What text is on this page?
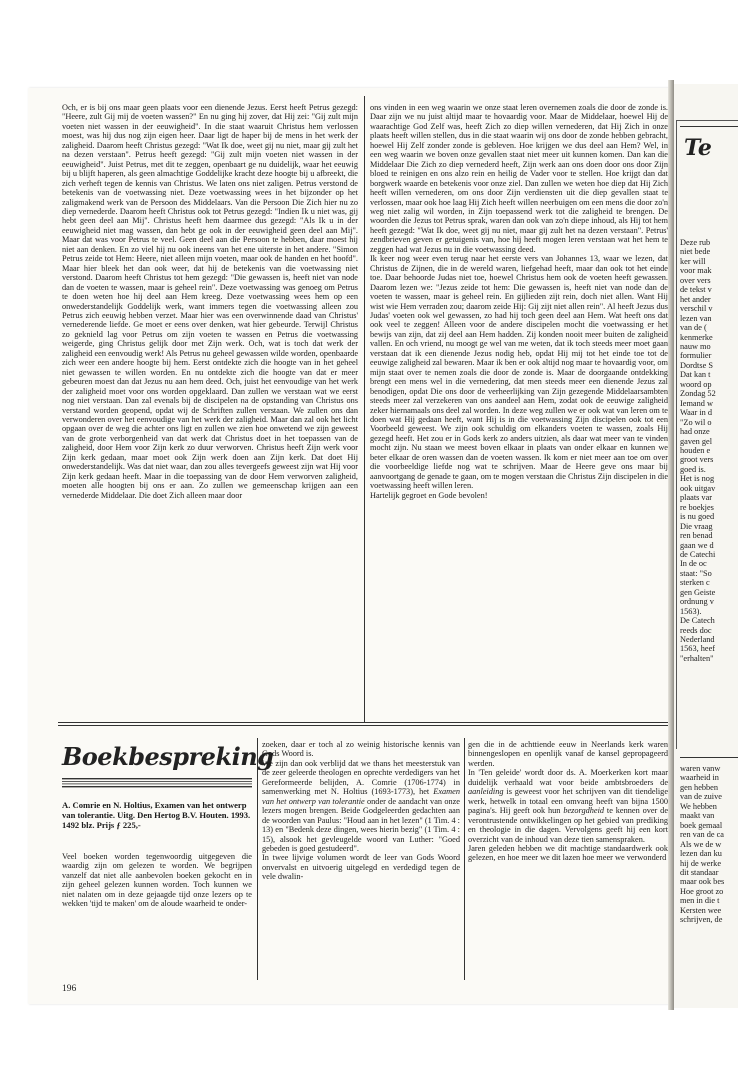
Och, er is bij ons maar geen plaats voor een dienende Jezus. Eerst heeft Petrus gezegd: "Heere, zult Gij mij de voeten wassen?" En nu ging hij zover, dat Hij zei: "Gij zult mijn voeten niet wassen in der eeuwigheid". In die staat waaruit Christus hem verlossen moest, was hij dus nog zijn eigen heer. Daar ligt de haper bij de mens in het werk der zaligheid. Daarom heeft Christus gezegd: "Wat Ik doe, weet gij nu niet, maar gij zult het na dezen verstaan". Petrus heeft gezegd: "Gij zult mijn voeten niet wassen in der eeuwigheid". Juist Petrus, met dit te zeggen, openbaart ge nu duidelijk, waar het eeuwig bij u blijft haperen, als geen almachtige Goddelijke kracht deze hoogte bij u afbreekt, die zich verheft tegen de kennis van Christus. We laten ons niet zaligen. Petrus verstond de betekenis van de voetwassing niet. Deze voetwassing wees in het bijzonder op het zaligmakend werk van de Persoon des Middelaars. Van die Persoon Die Zich hier nu zo diep vernederde. Daarom heeft Christus ook tot Petrus gezegd: "Indien Ik u niet was, gij hebt geen deel aan Mij". Christus heeft hem daarmee dus gezegd: "Als Ik u in der eeuwigheid niet mag wassen, dan hebt ge ook in der eeuwigheid geen deel aan Mij". Maar dat was voor Petrus te veel. Geen deel aan die Persoon te hebben, daar moest hij niet aan denken. En zo viel hij nu ook ineens van het ene uiterste in het andere. "Simon Petrus zeide tot Hem: Heere, niet alleen mijn voeten, maar ook de handen en het hoofd". Maar hier bleek het dan ook weer, dat hij de betekenis van die voetwassing niet verstond. Daarom heeft Christus tot hem gezegd: "Die gewassen is, heeft niet van node dan de voeten te wassen, maar is geheel rein". Deze voetwassing was genoeg om Petrus te doen weten hoe hij deel aan Hem kreeg. Deze voetwassing wees hem op een onwederstandelijk Goddelijk werk, want immers tegen die voetwassing alleen zou Petrus zich eeuwig hebben verzet. Maar hier was een overwinnende daad van Christus' vernederende liefde. Ge moet er eens over denken, wat hier gebeurde. Terwijl Christus zo geknield lag voor Petrus om zijn voeten te wassen en Petrus die voetwassing weigerde, ging Christus gelijk door met Zijn werk. Och, wat is toch dat werk der zaligheid een eenvoudig werk! Als Petrus nu geheel gewassen wilde worden, openbaarde zich weer een andere hoogte bij hem. Eerst ontdekte zich die hoogte van in het geheel niet gewassen te willen worden. En nu ontdekte zich die hoogte van dat er meer gebeuren moest dan dat Jezus nu aan hem deed. Och, juist het eenvoudige van het werk der zaligheid moet voor ons worden opgeklaard. Dan zullen we verstaan wat we eerst nog niet verstaan. Dan zal evenals bij de discipelen na de opstanding van Christus ons verstand worden geopend, opdat wij de Schriften zullen verstaan. We zullen ons dan verwonderen over het eenvoudige van het werk der zaligheid. Maar dan zal ook het licht opgaan over de weg die achter ons ligt en zullen we zien hoe onwetend we zijn geweest van de grote verborgenheid van dat werk dat Christus doet in het toepassen van de zaligheid, door Hem voor Zijn kerk zo duur verworven. Christus heeft Zijn werk voor Zijn kerk gedaan, maar moet ook Zijn werk doen aan Zijn kerk. Dat doet Hij onwederstandelijk. Was dat niet waar, dan zou alles tevergeefs geweest zijn wat Hij voor Zijn kerk gedaan heeft. Maar in die toepassing van de door Hem verworven zaligheid, moeten alle hoogten bij ons er aan. Zo zullen we gemeenschap krijgen aan een vernederde Middelaar. Die doet Zich alleen maar door

ons vinden in een weg waarin we onze staat leren overnemen zoals die door de zonde is. Daar zijn we nu juist altijd maar te hovaardig voor. Maar de Middelaar, hoewel Hij de waarachtige God Zelf was, heeft Zich zo diep willen vernederen, dat Hij Zich in onze plaats heeft willen stellen, dus in die staat waarin wij ons door de zonde hebben gebracht, hoewel Hij Zelf zonder zonde is gebleven. Hoe krijgen we dus deel aan Hem? Wel, in een weg waarin we boven onze gevallen staat niet meer uit kunnen komen. Dan kan die Middelaar Die Zich zo diep vernederd heeft, Zijn werk aan ons doen door ons door Zijn bloed te reinigen en ons alzo rein en heilig de Vader voor te stellen. Hoe krijgt dan dat borgwerk waarde en betekenis voor onze ziel. Dan zullen we weten hoe diep dat Hij Zich heeft willen vernederen, om ons door Zijn verdiensten uit die diep gevallen staat te verlossen, maar ook hoe laag Hij Zich heeft willen neerbuigen om een mens die door zo'n weg niet zalig wil worden, in Zijn toepassend werk tot die zaligheid te brengen. De woorden die Jezus tot Petrus sprak, waren dan ook van zo'n diepe inhoud, als Hij tot hem heeft gezegd: "Wat Ik doe, weet gij nu niet, maar gij zult het na dezen verstaan". Petrus' zendbrieven geven er getuigenis van, hoe hij heeft mogen leren verstaan wat het hem te zeggen had wat Jezus nu in die voetwassing deed.

Ik keer nog weer even terug naar het eerste vers van Johannes 13, waar we lezen, dat Christus de Zijnen, die in de wereld waren, liefgehad heeft, maar dan ook tot het einde toe. Daar behoorde Judas niet toe, hoewel Christus hem ook de voeten heeft gewassen. Daarom lezen we: "Jezus zeide tot hem: Die gewassen is, heeft niet van node dan de voeten te wassen, maar is geheel rein. En gijlieden zijt rein, doch niet allen. Want Hij wist wie Hem verraden zou; daarom zeide Hij: Gij zijt niet allen rein". Al heeft Jezus dus Judas' voeten ook wel gewassen, zo had hij toch geen deel aan Hem. Wat heeft ons dat ook veel te zeggen! Alleen voor de andere discipelen mocht die voetwassing er het bewijs van zijn, dat zij deel aan Hem hadden. Zij konden nooit meer buiten de zaligheid vallen. En och vriend, nu moogt ge wel van me weten, dat ik toch steeds meer moet gaan verstaan dat ik een dienende Jezus nodig heb, opdat Hij mij tot het einde toe tot de eeuwige zaligheid zal bewaren. Maar ik ben er ook altijd nog maar te hovaardig voor, om mijn staat over te nemen zoals die door de zonde is. Maar de doorgaande ontdekking brengt een mens wel in die vernedering, dat men steeds meer een dienende Jezus zal benodigen, opdat Die ons door de verheerlijking van Zijn gezegende Middelaarsambten steeds meer zal verzekeren van ons aandeel aan Hem, zodat ook de eeuwige zaligheid zeker hiernamaals ons deel zal worden. In deze weg zullen we er ook wat van leren om te doen wat Hij gedaan heeft, want Hij is in die voetwassing Zijn discipelen ook tot een Voorbeeld geweest. We zijn ook schuldig om elkanders voeten te wassen, zoals Hij gezegd heeft. Het zou er in Gods kerk zo anders uitzien, als daar wat meer van te vinden mocht zijn. Nu staan we meest boven elkaar in plaats van onder elkaar en kunnen we beter elkaar de oren wassen dan de voeten wassen. Ik kom er niet meer aan toe om over die voorbeeldige liefde nog wat te schrijven. Maar de Heere geve ons maar bij aanvoortgang de genade te gaan, om te mogen verstaan die Christus Zijn discipelen in die voetwassing heeft willen leren.

Hartelijk gegroet en Gode bevolen!

Boekbespreking
A. Comrie en N. Holtius, Examen van het ontwerp van tolerantie. Uitg. Den Hertog B.V. Houten. 1993. 1492 blz. Prijs ƒ 225,-

Veel boeken worden tegenwoordig uitgegeven die waardig zijn om gelezen te worden. We begrijpen vanzelf dat niet alle aanbevolen boeken gekocht en in zijn geheel gelezen kunnen worden. Toch kunnen we niet nalaten om in deze gejaagde tijd onze lezers op te wekken 'tijd te maken' om de aloude waarheid te onder-

zoeken, daar er toch al zo weinig historische kennis van Gods Woord is.

We zijn dan ook verblijd dat we thans het meesterstuk van de zeer geleerde theologen en oprechte verdedigers van het Gereformeerde belijden, A. Comrie (1706-1774) in samenwerking met N. Holtius (1693-1773), het Examen van het ontwerp van tolerantie onder de aandacht van onze lezers mogen brengen. Beide Godgeleerden gedachten aan de woorden van Paulus: "Houd aan in het lezen" (1 Tim. 4 : 13) en "Bedenk deze dingen, wees hierin bezig" (1 Tim. 4 : 15), alsook het gevleugelde woord van Luther: "Goed gebeden is goed gestudeerd".

In twee lijvige volumen wordt de leer van Gods Woord onvervalst en uitvoerig uitgelegd en verdedigd tegen de vele dwalin-

gen die in de achttiende eeuw in Neerlands kerk waren binnengeslopen en openlijk vanaf de kansel gepropageerd werden.

In 'Ten geleide' wordt door ds. A. Moerkerken kort maar duidelijk verhaald wat voor beide ambtsbroeders de aanleiding is geweest voor het schrijven van dit tiendelige werk, hetwelk in totaal een omvang heeft van bijna 1500 pagina's. Hij geeft ook hun bezorgdheid te kennen over de verontrustende ontwikkelingen op het gebied van prediking en theologie in die dagen. Vervolgens geeft hij een kort overzicht van de inhoud van deze tien samenspraken.

Jaren geleden hebben we dit machtige standaardwerk ook gelezen, en hoe meer we dit lazen hoe meer we verwonderd

196
Te
Deze rub
niet bede
ker will
voor mak
over vers
de tekst v
het ander
verschil v
lezen van
van de (
kenmerke
nauw mo
formulier
Dordtse S
Dat kan t
woord op
Zondag 52
Iemand w
Waar in d
"Zo wil o
had onze
gaven gel
houden e
groot vers
goed is.
Het is nog
ook uitgav
plaats var
re boekjes
is nu goed
Die vraag
ren benad
gaan we d
de Catechi
In de oc
staat: "So
sterken c
gen Geiste
ordnung v
1563).
De Catech
reeds doc
Nederland
1563, heef
"erhalten"
waren vanw
waarheid in
gen hebben
van de zuive
We hebben
maakt van
boek gemaal
ren van de ca
Als we de w
lezen dan ku
hij de werke
dit standaar
maar ook bes
Hoe groot zo
men in die t
Kersten wee
schrijven, de
